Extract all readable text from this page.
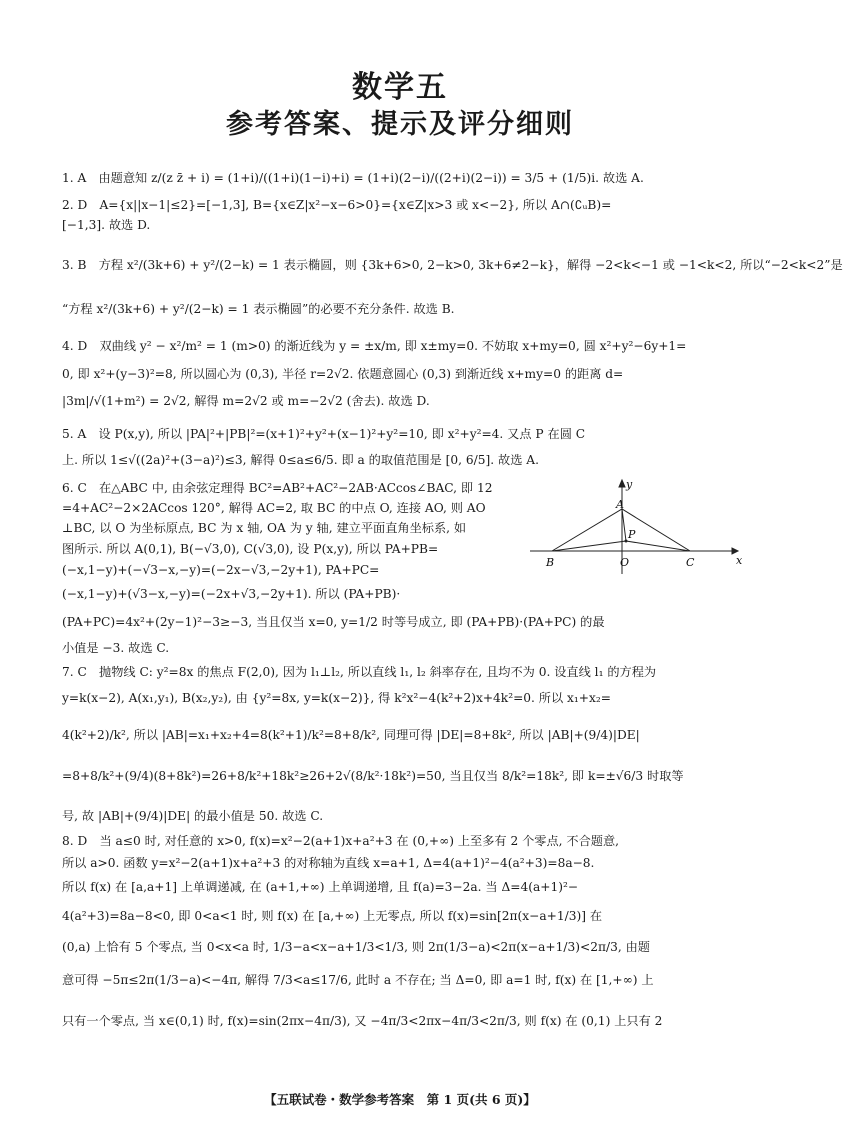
数学五
参考答案、提示及评分细则

1. A　由题意知 z/(z z̄ + i) = (1+i)/((1+i)(1−i)+i) = (1+i)(2−i)/((2+i)(2−i)) = 3/5 + (1/5)i. 故选 A.

2. D　A={x||x−1|≤2}=[−1,3], B={x∈Z|x²−x−6>0}={x∈Z|x>3 或 x<−2}, 所以 A∩(∁ᵤB)=

[−1,3]. 故选 D.

3. B　方程 x²/(3k+6) + y²/(2−k) = 1 表示椭圆，则 {3k+6>0, 2−k>0, 3k+6≠2−k}，解得 −2<k<−1 或 −1<k<2, 所以“−2<k<2”是

“方程 x²/(3k+6) + y²/(2−k) = 1 表示椭圆”的必要不充分条件. 故选 B.

4. D　双曲线 y² − x²/m² = 1 (m>0) 的渐近线为 y = ±x/m, 即 x±my=0. 不妨取 x+my=0, 圆 x²+y²−6y+1=

0, 即 x²+(y−3)²=8, 所以圆心为 (0,3), 半径 r=2√2. 依题意圆心 (0,3) 到渐近线 x+my=0 的距离 d=

|3m|/√(1+m²) = 2√2, 解得 m=2√2 或 m=−2√2 (舍去). 故选 D.

5. A　设 P(x,y), 所以 |PA|²+|PB|²=(x+1)²+y²+(x−1)²+y²=10, 即 x²+y²=4. 又点 P 在圆 C

上. 所以 1≤√((2a)²+(3−a)²)≤3, 解得 0≤a≤6/5. 即 a 的取值范围是 [0, 6/5]. 故选 A.

6. C　在△ABC 中, 由余弦定理得 BC²=AB²+AC²−2AB·ACcos∠BAC, 即 12

=4+AC²−2×2ACcos 120°, 解得 AC=2, 取 BC 的中点 O, 连接 AO, 则 AO

⊥BC, 以 O 为坐标原点, BC 为 x 轴, OA 为 y 轴, 建立平面直角坐标系, 如

图所示. 所以 A(0,1), B(−√3,0), C(√3,0), 设 P(x,y), 所以 PA+PB=

(−x,1−y)+(−√3−x,−y)=(−2x−√3,−2y+1), PA+PC=

(−x,1−y)+(√3−x,−y)=(−2x+√3,−2y+1). 所以 (PA+PB)·

(PA+PC)=4x²+(2y−1)²−3≥−3, 当且仅当 x=0, y=1/2 时等号成立, 即 (PA+PB)·(PA+PC) 的最

小值是 −3. 故选 C.

7. C　抛物线 C: y²=8x 的焦点 F(2,0), 因为 l₁⊥l₂, 所以直线 l₁, l₂ 斜率存在, 且均不为 0. 设直线 l₁ 的方程为

y=k(x−2), A(x₁,y₁), B(x₂,y₂), 由 {y²=8x, y=k(x−2)}, 得 k²x²−4(k²+2)x+4k²=0. 所以 x₁+x₂=

4(k²+2)/k², 所以 |AB|=x₁+x₂+4=8(k²+1)/k²=8+8/k², 同理可得 |DE|=8+8k², 所以 |AB|+(9/4)|DE|

=8+8/k²+(9/4)(8+8k²)=26+8/k²+18k²≥26+2√(8/k²·18k²)=50, 当且仅当 8/k²=18k², 即 k=±√6/3 时取等

号, 故 |AB|+(9/4)|DE| 的最小值是 50. 故选 C.

8. D　当 a≤0 时, 对任意的 x>0, f(x)=x²−2(a+1)x+a²+3 在 (0,+∞) 上至多有 2 个零点, 不合题意,

所以 a>0. 函数 y=x²−2(a+1)x+a²+3 的对称轴为直线 x=a+1, Δ=4(a+1)²−4(a²+3)=8a−8.

所以 f(x) 在 [a,a+1] 上单调递减, 在 (a+1,+∞) 上单调递增, 且 f(a)=3−2a. 当 Δ=4(a+1)²−

4(a²+3)=8a−8<0, 即 0<a<1 时, 则 f(x) 在 [a,+∞) 上无零点, 所以 f(x)=sin[2π(x−a+1/3)] 在

(0,a) 上恰有 5 个零点, 当 0<x<a 时, 1/3−a<x−a+1/3<1/3, 则 2π(1/3−a)<2π(x−a+1/3)<2π/3, 由题

意可得 −5π≤2π(1/3−a)<−4π, 解得 7/3<a≤17/6, 此时 a 不存在; 当 Δ=0, 即 a=1 时, f(x) 在 [1,+∞) 上

只有一个零点, 当 x∈(0,1) 时, f(x)=sin(2πx−4π/3), 又 −4π/3<2πx−4π/3<2π/3, 则 f(x) 在 (0,1) 上只有 2

A
B	C
O
P
x
y

【五联试卷・数学参考答案　第 1 页(共 6 页)】
